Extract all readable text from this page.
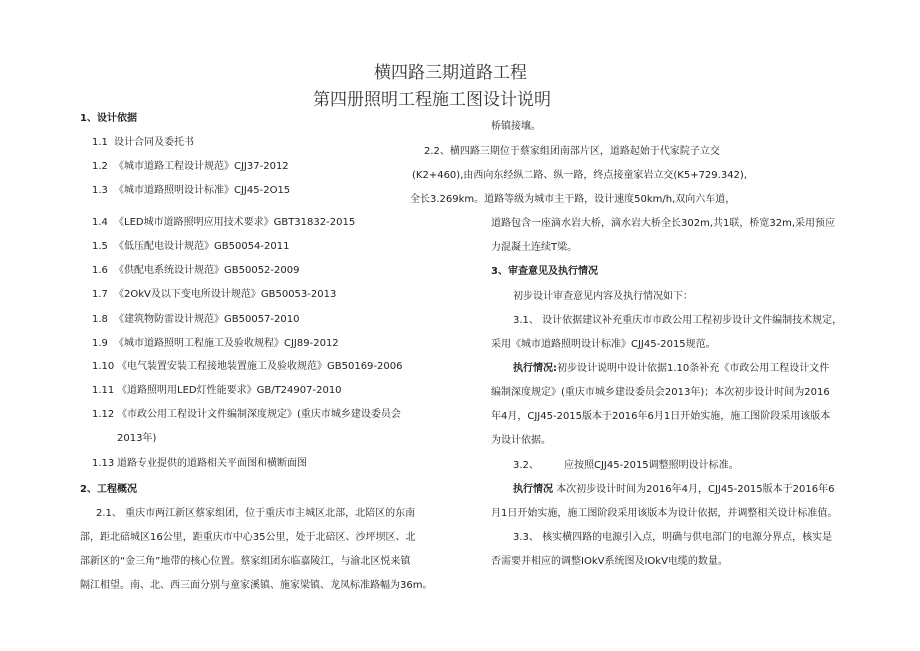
横四路三期道路工程
第四册照明工程施工图设计说明
1、设计依据
1.1 设计合同及委托书
1.2 《城市道路工程设计规范》CJJ37-2012
1.3 《城市道路照明设计标准》CJJ45-2O15
1.4 《LED城市道路照明应用技术要求》GBT31832-2015
1.5 《低压配电设计规范》GB50054-2011
1.6 《供配电系统设计规范》GB50052-2009
1.7 《2OkV及以下变电所设计规范》GB50053-2013
1.8 《建筑物防雷设计规范》GB50057-2010
1.9 《城市道路照明工程施工及验收规程》CJJ89-2012
1.10 《电气装置安装工程接地装置施工及验收规范》GB50169-2006
1.11 《道路照明用LED灯性能要求》GB/T24907-2010
1.12 《市政公用工程设计文件编制深度规定》(重庆市城乡建设委员会
2013年)
1.13 道路专业提供的道路相关平面图和横断面图
2、工程概况
2.1、 重庆市两江新区蔡家组团，位于重庆市主城区北部，北陪区的东南
部，距北碚城区16公里，距重庆市中心35公里，处于北碚区、沙坪坝区、北
部新区的“金三角”地带的核心位置。蔡家组团东临嘉陵江，与渝北区悦来镇
隔江相望。南、北、西三面分别与童家溪镇、施家梁镇、龙凤标准路幅为36m。
桥镇接壤。
2.2、横四路三期位于蔡家组团南部片区，道路起始于代家院子立交
(K2+460),由西向东经纵二路、纵一路，终点接童家岩立交(K5+729.342),
全长3.269km。道路等级为城市主干路，设计速度50km/h,双向六车道，
道路包含一座滴水岩大桥，滴水岩大桥全长302m,共1联，桥宽32m,采用预应
力混凝土连续T梁。
3、审查意见及执行情况
初步设计审查意见内容及执行情况如下：
3.1、 设计依据建议补充重庆市市政公用工程初步设计文件编制技术规定，
采用《城市道路照明设计标准》CJJ45-2015规范。
执行情况:初步设计说明中设计依据1.10条补充《市政公用工程设计文件
编制深度规定》(重庆市城乡建设委员会2013年)；本次初步设计时间为2016
年4月，CJJ45-2015版本于2016年6月1日开始实施，施工图阶段采用该版本
为设计依据。
3.2、	应按照CJJ45-2015调整照明设计标准。
执行情况 本次初步设计时间为2016年4月，CJJ45-2015版本于2016年6
月1日开始实施，施工图阶段采用该版本为设计依据，并调整相关设计标准值。
3.3、 核实横四路的电源引入点，明确与供电部门的电源分界点，核实是
否需要并相应的调整IOkV系统图及IOkV电缆的数量。
